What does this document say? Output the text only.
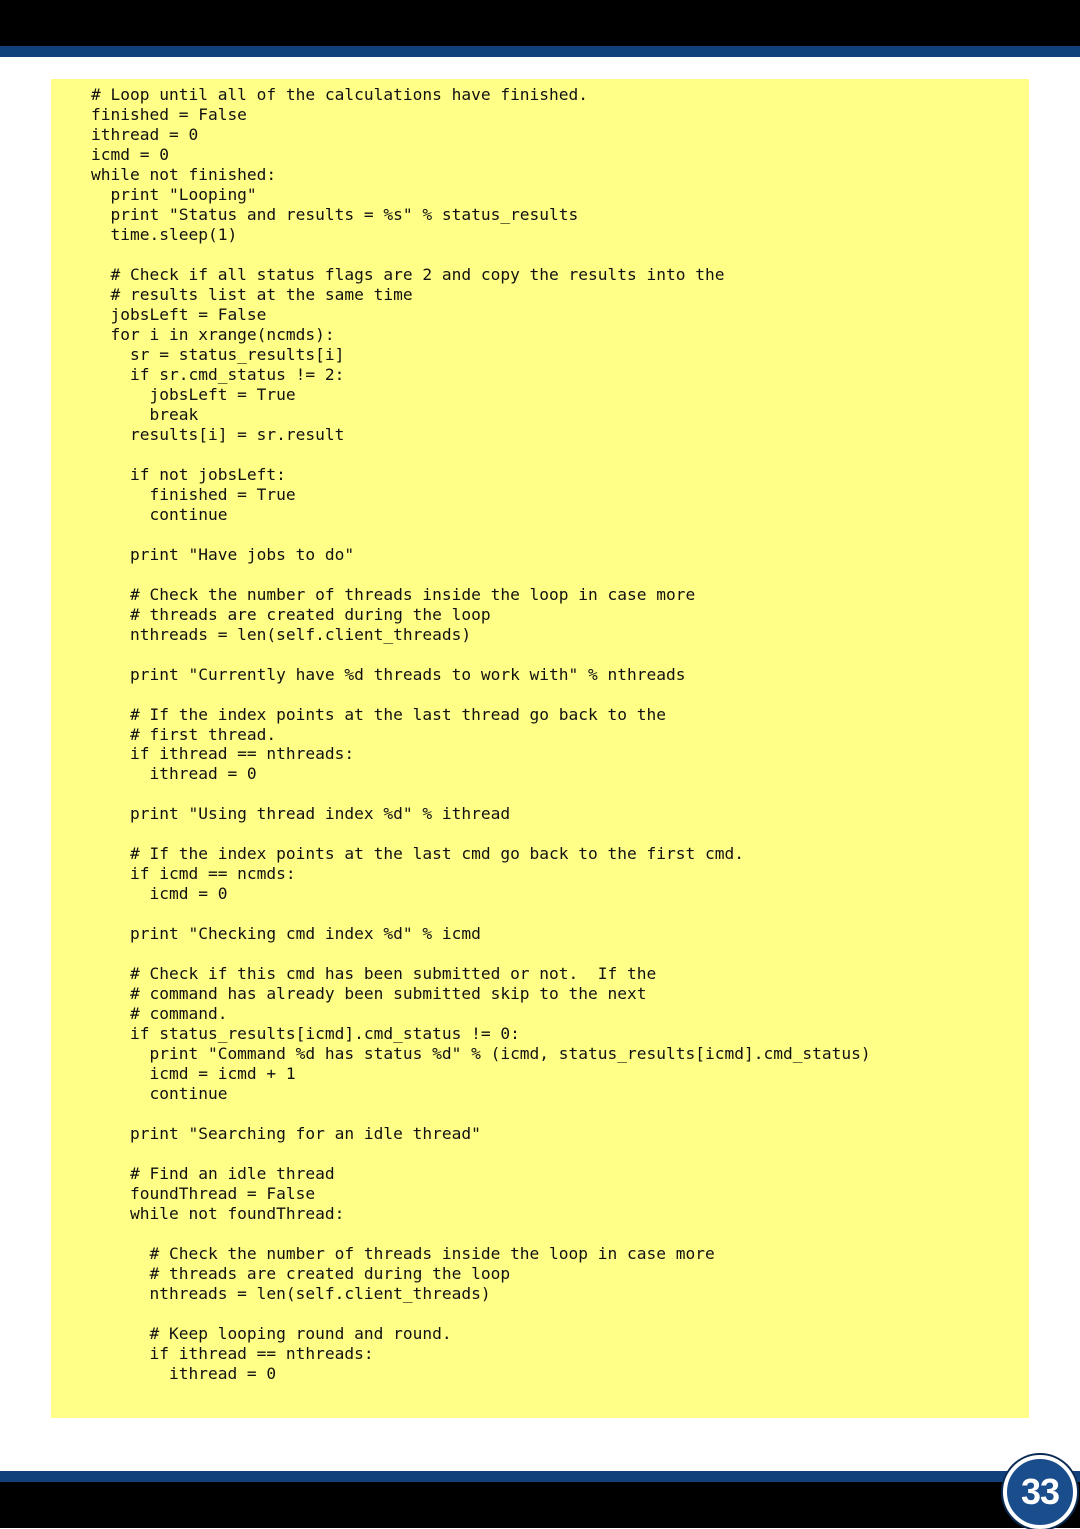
# Loop until all of the calculations have finished.
finished = False
ithread = 0
icmd = 0
while not finished:
print "Looping"
print "Status and results = %s" % status_results
time.sleep(1)

# Check if all status flags are 2 and copy the results into the
# results list at the same time
jobsLeft = False
for i in xrange(ncmds):
sr = status_results[i]
if sr.cmd_status != 2:
jobsLeft = True
break
results[i] = sr.result

if not jobsLeft:
finished = True
continue

print "Have jobs to do"

# Check the number of threads inside the loop in case more
# threads are created during the loop
nthreads = len(self.client_threads)

print "Currently have %d threads to work with" % nthreads

# If the index points at the last thread go back to the
# first thread.
if ithread == nthreads:
ithread = 0

print "Using thread index %d" % ithread

# If the index points at the last cmd go back to the first cmd.
if icmd == ncmds:
icmd = 0

print "Checking cmd index %d" % icmd

# Check if this cmd has been submitted or not.  If the
# command has already been submitted skip to the next
# command.
if status_results[icmd].cmd_status != 0:
print "Command %d has status %d" % (icmd, status_results[icmd].cmd_status)
icmd = icmd + 1
continue

print "Searching for an idle thread"

# Find an idle thread
foundThread = False
while not foundThread:

# Check the number of threads inside the loop in case more
# threads are created during the loop
nthreads = len(self.client_threads)

# Keep looping round and round.
if ithread == nthreads:
ithread = 0
33
